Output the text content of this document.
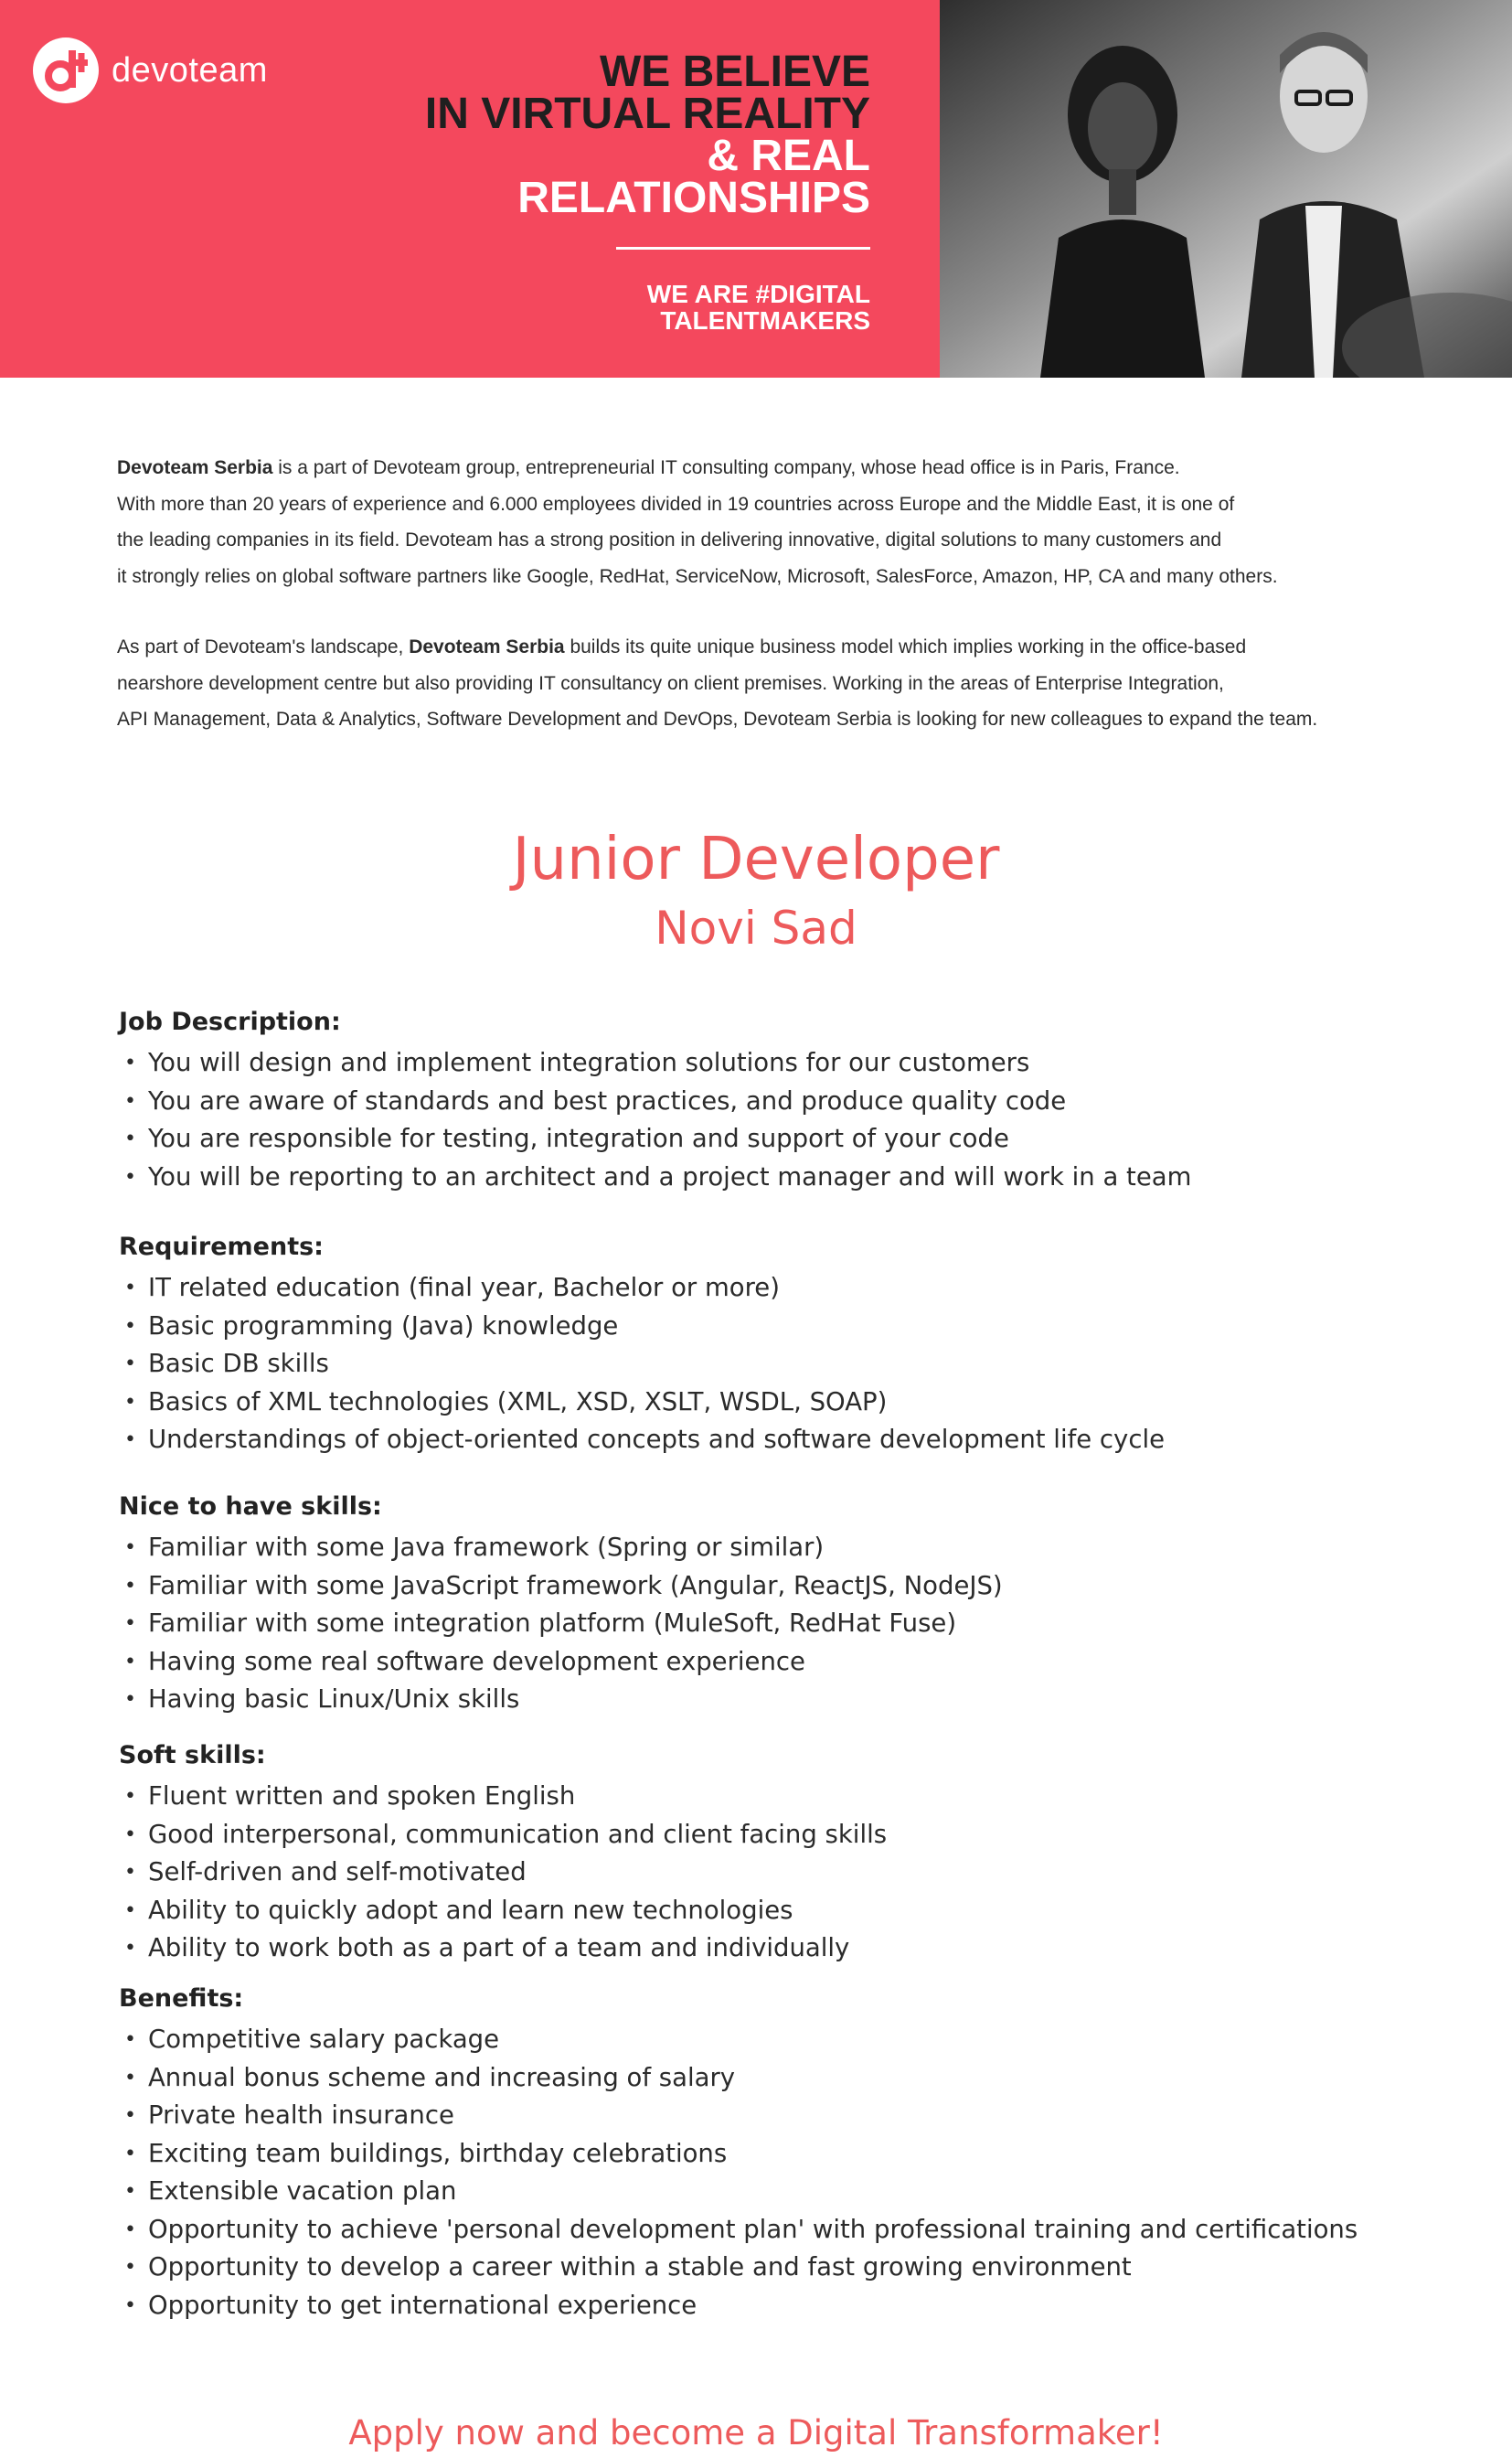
devoteam	WE BELIEVE
IN VIRTUAL REALITY
& REAL
RELATIONSHIPS
WE ARE #DIGITAL
TALENTMAKERS

Devoteam Serbia is a part of Devoteam group, entrepreneurial IT consulting company, whose head office is in Paris, France.
With more than 20 years of experience and 6.000 employees divided in 19 countries across Europe and the Middle East, it is one of
the leading companies in its field. Devoteam has a strong position in delivering innovative, digital solutions to many customers and
it strongly relies on global software partners like Google, RedHat, ServiceNow, Microsoft, SalesForce, Amazon, HP, CA and many others.

As part of Devoteam's landscape, Devoteam Serbia builds its quite unique business model which implies working in the office-based
nearshore development centre but also providing IT consultancy on client premises. Working in the areas of Enterprise Integration,
API Management, Data & Analytics, Software Development and DevOps, Devoteam Serbia is looking for new colleagues to expand the team.

Junior Developer
Novi Sad
Job Description:
• You will design and implement integration solutions for our customers
• You are aware of standards and best practices, and produce quality code
• You are responsible for testing, integration and support of your code
• You will be reporting to an architect and a project manager and will work in a team
Requirements:
• IT related education (final year, Bachelor or more)
• Basic programming (Java) knowledge
• Basic DB skills
• Basics of XML technologies (XML, XSD, XSLT, WSDL, SOAP)
• Understandings of object-oriented concepts and software development life cycle
Nice to have skills:
• Familiar with some Java framework (Spring or similar)
• Familiar with some JavaScript framework (Angular, ReactJS, NodeJS)
• Familiar with some integration platform (MuleSoft, RedHat Fuse)
• Having some real software development experience
• Having basic Linux/Unix skills
Soft skills:
• Fluent written and spoken English
• Good interpersonal, communication and client facing skills
• Self-driven and self-motivated
• Ability to quickly adopt and learn new technologies
• Ability to work both as a part of a team and individually
Benefits:
• Competitive salary package
• Annual bonus scheme and increasing of salary
• Private health insurance
• Exciting team buildings, birthday celebrations
• Extensible vacation plan
• Opportunity to achieve 'personal development plan' with professional training and certifications
• Opportunity to develop a career within a stable and fast growing environment
• Opportunity to get international experience
Apply now and become a Digital Transformaker!
